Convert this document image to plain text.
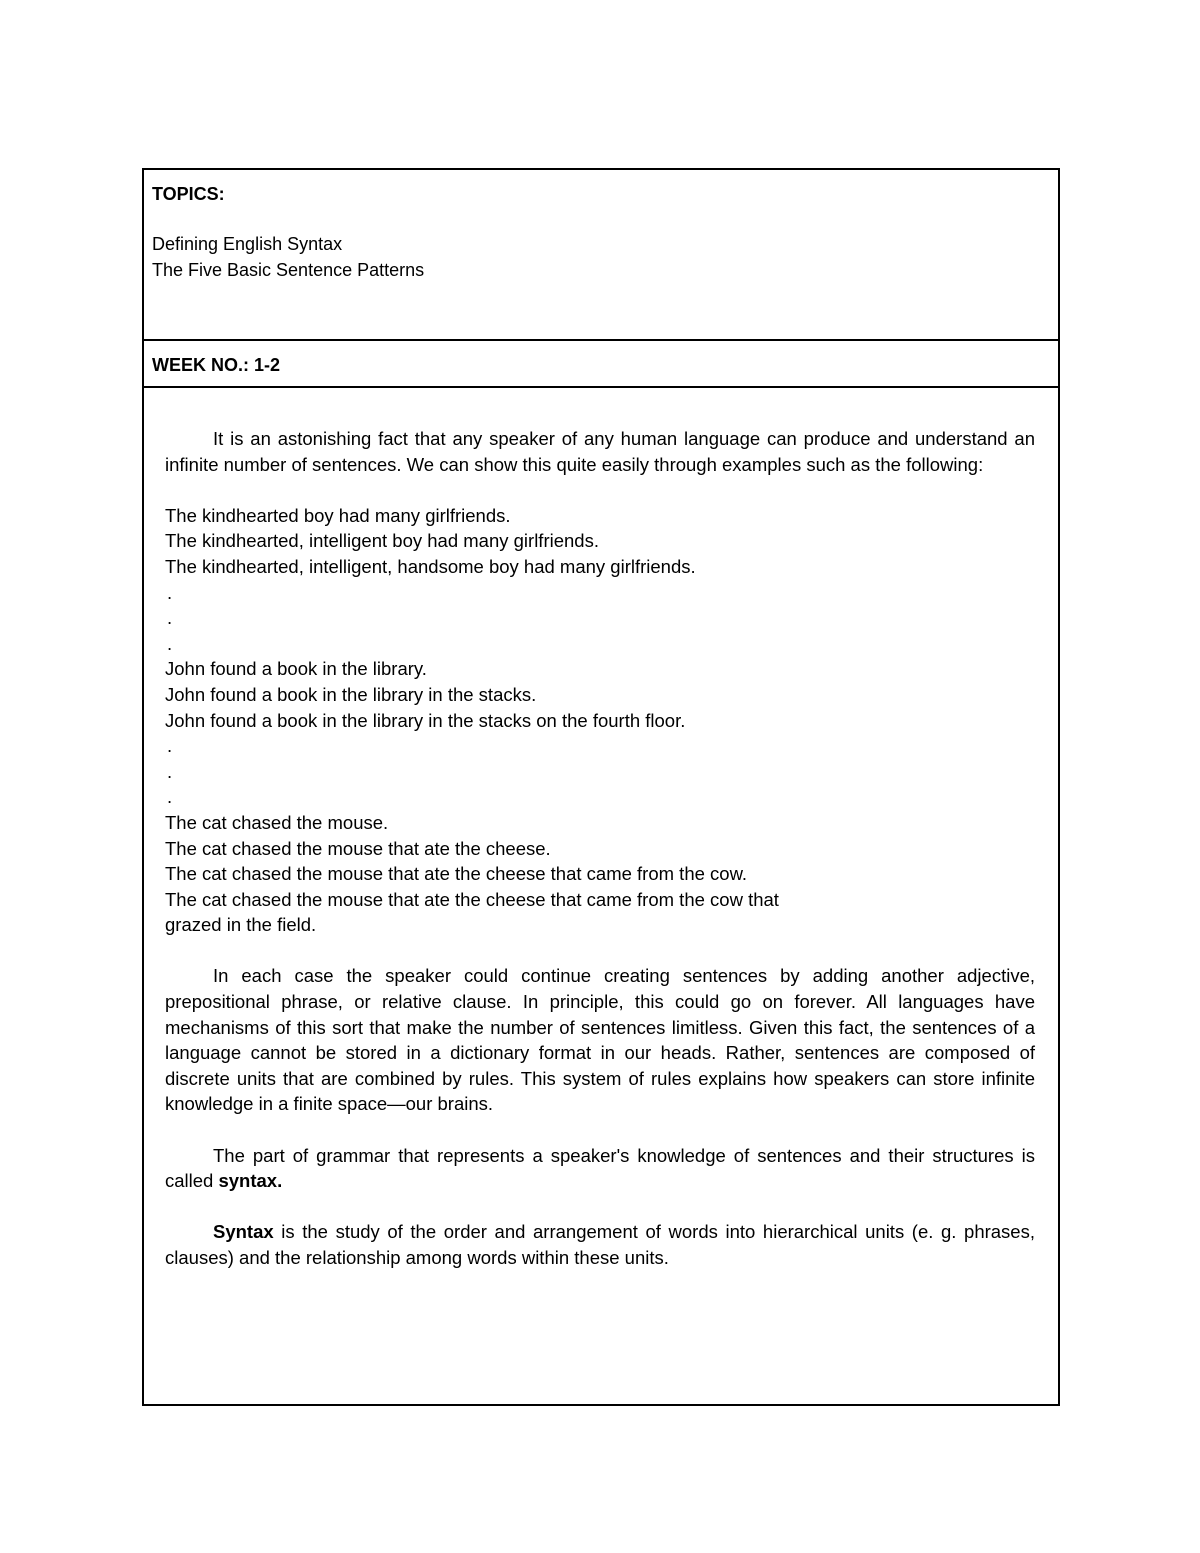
TOPICS:
Defining English Syntax
The Five Basic Sentence Patterns
WEEK NO.: 1-2

It is an astonishing fact that any speaker of any human language can produce and understand an infinite number of sentences. We can show this quite easily through examples such as the following:

The kindhearted boy had many girlfriends.

The kindhearted, intelligent boy had many girlfriends.

The kindhearted, intelligent, handsome boy had many girlfriends.

.

.

.

John found a book in the library.

John found a book in the library in the stacks.

John found a book in the library in the stacks on the fourth floor.

.

.

.

The cat chased the mouse.

The cat chased the mouse that ate the cheese.

The cat chased the mouse that ate the cheese that came from the cow.

The cat chased the mouse that ate the cheese that came from the cow that

grazed in the field.

In each case the speaker could continue creating sentences by adding another adjective, prepositional phrase, or relative clause. In principle, this could go on forever. All languages have mechanisms of this sort that make the number of sentences limitless. Given this fact, the sentences of a language cannot be stored in a dictionary format in our heads. Rather, sentences are composed of discrete units that are combined by rules. This system of rules explains how speakers can store infinite knowledge in a finite space—our brains.

The part of grammar that represents a speaker's knowledge of sentences and their structures is called syntax.

Syntax is the study of the order and arrangement of words into hierarchical units (e. g. phrases, clauses) and the relationship among words within these units.
